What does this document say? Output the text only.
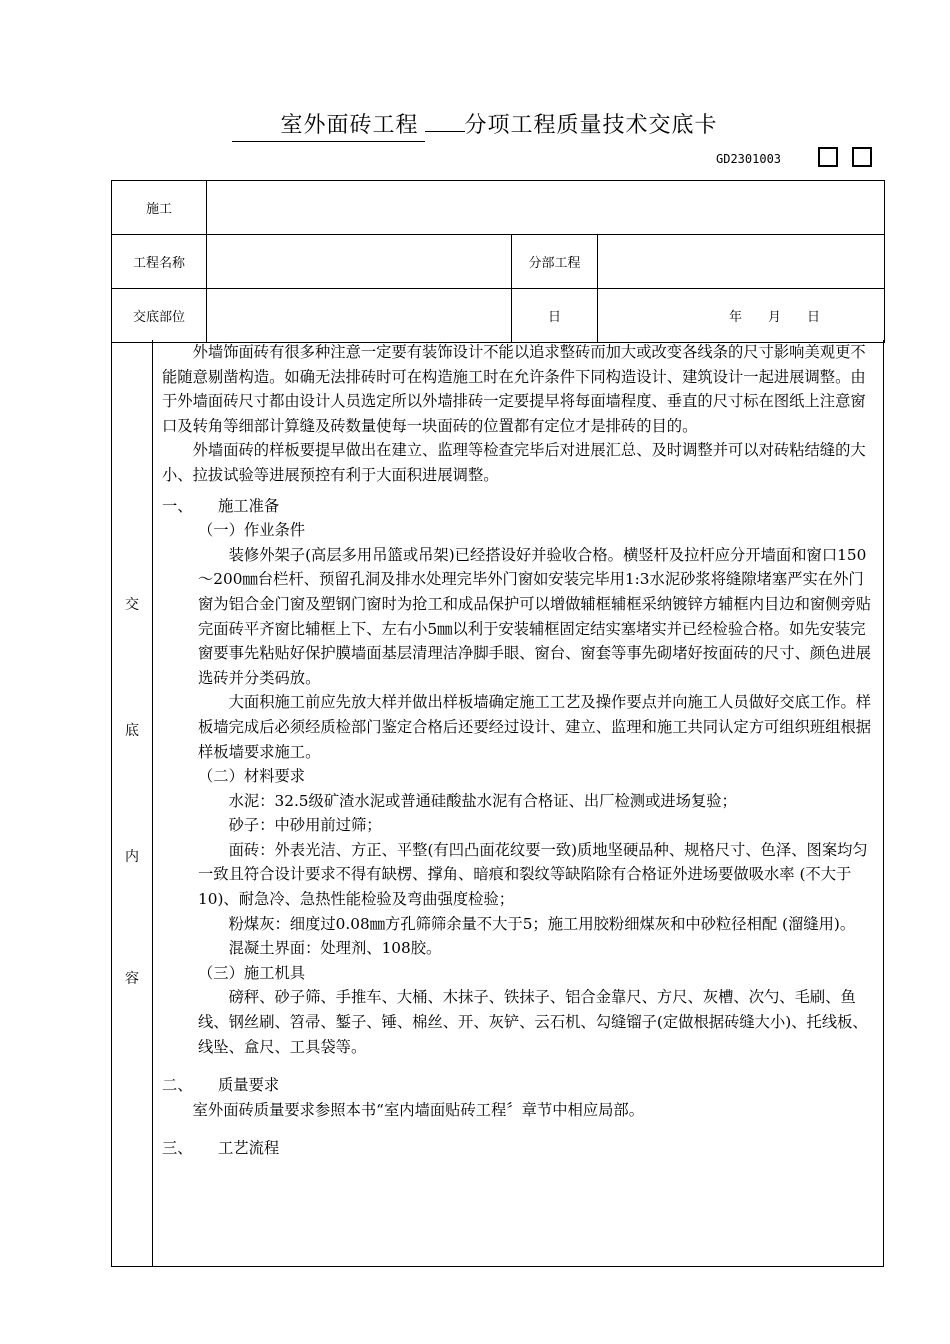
室外面砖工程 分项工程质量技术交底卡
GD2301003
施工			
工程名称		分部工程	
交底部位		日	年　　月　　日
交
底
内
容

外墙饰面砖有很多种注意一定要有装饰设计不能以追求整砖而加大或改变各线条的尺寸影响美观更不能随意剔凿构造。如确无法排砖时可在构造施工时在允许条件下同构造设计、建筑设计一起进展调整。由于外墙面砖尺寸都由设计人员选定所以外墙排砖一定要提早将每面墙程度、垂直的尺寸标在图纸上注意窗口及转角等细部计算缝及砖数量使每一块面砖的位置都有定位才是排砖的目的。

外墙面砖的样板要提早做出在建立、监理等检查完毕后对进展汇总、及时调整并可以对砖粘结缝的大小、拉拔试验等进展预控有利于大面积进展调整。

一、 施工准备

（一）作业条件

装修外架子(高层多用吊篮或吊架)已经搭设好并验收合格。横竖杆及拉杆应分开墙面和窗口150～200㎜台栏杆、预留孔洞及排水处理完毕外门窗如安装完毕用1:3水泥砂浆将缝隙堵塞严实在外门窗为铝合金门窗及塑钢门窗时为抢工和成品保护可以增做辅框辅框采纳镀锌方辅框内目边和窗侧旁贴完面砖平齐窗比辅框上下、左右小5㎜以利于安装辅框固定结实塞堵实并已经检验合格。如先安装完窗要事先粘贴好保护膜墙面基层清理洁净脚手眼、窗台、窗套等事先砌堵好按面砖的尺寸、颜色进展选砖并分类码放。

大面积施工前应先放大样并做出样板墙确定施工工艺及操作要点并向施工人员做好交底工作。样板墙完成后必须经质检部门鉴定合格后还要经过设计、建立、监理和施工共同认定方可组织班组根据样板墙要求施工。

（二）材料要求

水泥：32.5级矿渣水泥或普通硅酸盐水泥有合格证、出厂检测或进场复验；

砂子：中砂用前过筛；

面砖：外表光洁、方正、平整(有凹凸面花纹要一致)质地坚硬品种、规格尺寸、色泽、图案均匀一致且符合设计要求不得有缺楞、撑角、暗痕和裂纹等缺陷除有合格证外进场要做吸水率 (不大于10)、耐急冷、急热性能检验及弯曲强度检验；

粉煤灰：细度过0.08㎜方孔筛筛余量不大于5；施工用胶粉细煤灰和中砂粒径相配 (溜缝用)。

混凝土界面：处理剂、108胶。

（三）施工机具

磅秤、砂子筛、手推车、大桶、木抹子、铁抹子、铝合金靠尺、方尺、灰槽、次勺、毛刷、鱼线、钢丝刷、笤帚、錾子、锤、棉丝、开、灰铲、云石机、勾缝镏子(定做根据砖缝大小)、托线板、线坠、盒尺、工具袋等。

二、 质量要求

室外面砖质量要求参照本书“室内墙面贴砖工程〞章节中相应局部。

三、 工艺流程
